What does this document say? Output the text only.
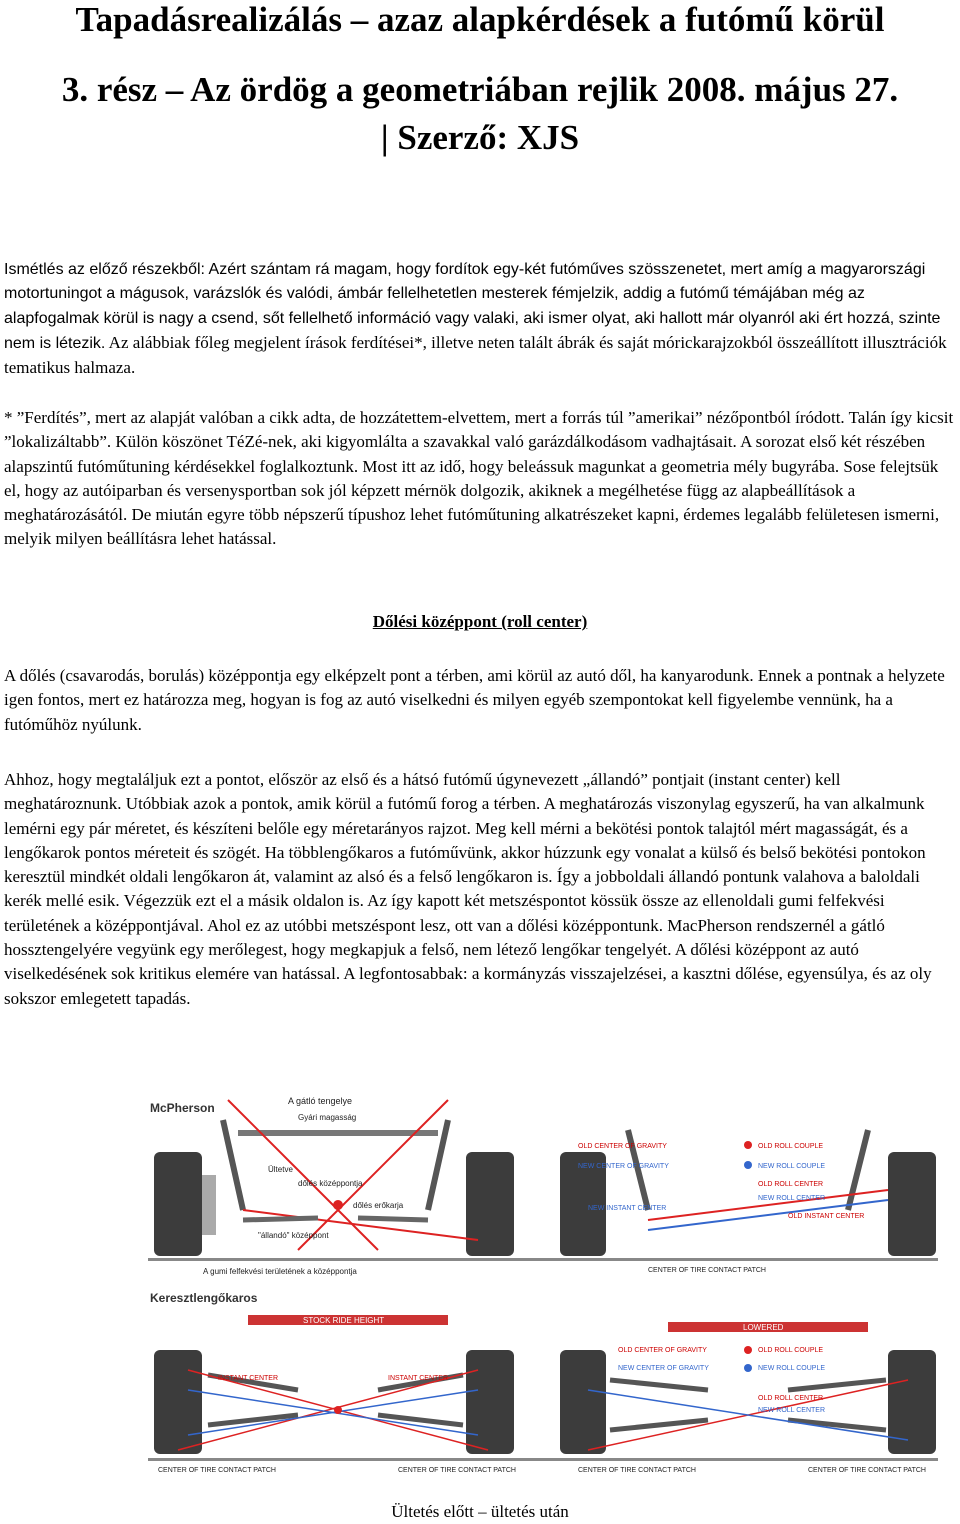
Tapadásrealizálás – azaz alapkérdések a futómű körül
3. rész – Az ördög a geometriában rejlik 2008. május 27.
| Szerző: XJS

Ismétlés az előző részekből: Azért szántam rá magam, hogy fordítok egy-két futóműves szösszenetet, mert amíg a magyarországi motortuningot a mágusok, varázslók és valódi, ámbár fellelhetetlen mesterek fémjelzik, addig a futómű témájában még az alapfogalmak körül is nagy a csend, sőt fellelhető információ vagy valaki, aki ismer olyat, aki hallott már olyanról aki ért hozzá, szinte nem is létezik. Az alábbiak főleg megjelent írások ferdítései*, illetve neten talált ábrák és saját mórickarajzokból összeállított illusztrációk tematikus halmaza.

* ”Ferdítés”, mert az alapját valóban a cikk adta, de hozzátettem-elvettem, mert a forrás túl ”amerikai” nézőpontból íródott. Talán így kicsit ”lokalizáltabb”. Külön köszönet TéZé-nek, aki kigyomlálta a szavakkal való garázdálkodásom vadhajtásait. A sorozat első két részében alapszintű futóműtuning kérdésekkel foglalkoztunk. Most itt az idő, hogy beleássuk magunkat a geometria mély bugyrába. Sose felejtsük el, hogy az autóiparban és versenysportban sok jól képzett mérnök dolgozik, akiknek a megélhetése függ az alapbeállítások a meghatározásától. De miután egyre több népszerű típushoz lehet futóműtuning alkatrészeket kapni, érdemes legalább felületesen ismerni, melyik milyen beállításra lehet hatással.

Dőlési középpont (roll center)

A dőlés (csavarodás, borulás) középpontja egy elképzelt pont a térben, ami körül az autó dől, ha kanyarodunk. Ennek a pontnak a helyzete igen fontos, mert ez határozza meg, hogyan is fog az autó viselkedni és milyen egyéb szempontokat kell figyelembe vennünk, ha a futóműhöz nyúlunk.

Ahhoz, hogy megtaláljuk ezt a pontot, először az első és a hátsó futómű úgynevezett „állandó” pontjait (instant center) kell meghatároznunk. Utóbbiak azok a pontok, amik körül a futómű forog a térben. A meghatározás viszonylag egyszerű, ha van alkalmunk lemérni egy pár méretet, és készíteni belőle egy méretarányos rajzot. Meg kell mérni a bekötési pontok talajtól mért magasságát, és a lengőkarok pontos méreteit és szögét. Ha többlengőkaros a futóművünk, akkor húzzunk egy vonalat a külső és belső bekötési pontokon keresztül mindkét oldali lengőkaron át, valamint az alsó és a felső lengőkaron is. Így a jobboldali állandó pontunk valahova a baloldali kerék mellé esik. Végezzük ezt el a másik oldalon is. Az így kapott két metszéspontot kössük össze az ellenoldali gumi felfekvési területének a középpontjával. Ahol ez az utóbbi metszéspont lesz, ott van a dőlési középpontunk. MacPherson rendszernél a gátló hossztengelyére vegyünk egy merőlegest, hogy megkapjuk a felső, nem létező lengőkar tengelyét. A dőlési középpont az autó viselkedésének sok kritikus elemére van hatással. A legfontosabbak: a kormányzás visszajelzései, a kasztni dőlése, egyensúlya, és az oly sokszor emlegetett tapadás.

McPherson	A gátló tengelye
Gyári magasság
Ültetve
dőlés középpontja
dőlés erőkarja
"állandó" középpont
A gumi felfekvési területének a középpontja
OLD CENTER OF GRAVITY	OLD ROLL COUPLE
NEW CENTER OF GRAVITY	NEW ROLL COUPLE
OLD ROLL CENTER
NEW ROLL CENTER
NEW INSTANT CENTER
OLD INSTANT CENTER
CENTER OF TIRE CONTACT PATCH
Keresztlengőkaros
STOCK RIDE HEIGHT
LOWERED
OLD CENTER OF GRAVITY	OLD ROLL COUPLE
NEW CENTER OF GRAVITY	NEW ROLL COUPLE
OLD ROLL CENTER
NEW ROLL CENTER
INSTANT CENTER	INSTANT CENTER
CENTER OF TIRE CONTACT PATCH	CENTER OF TIRE CONTACT PATCH	CENTER OF TIRE CONTACT PATCH	CENTER OF TIRE CONTACT PATCH
Ültetés előtt – ültetés után
